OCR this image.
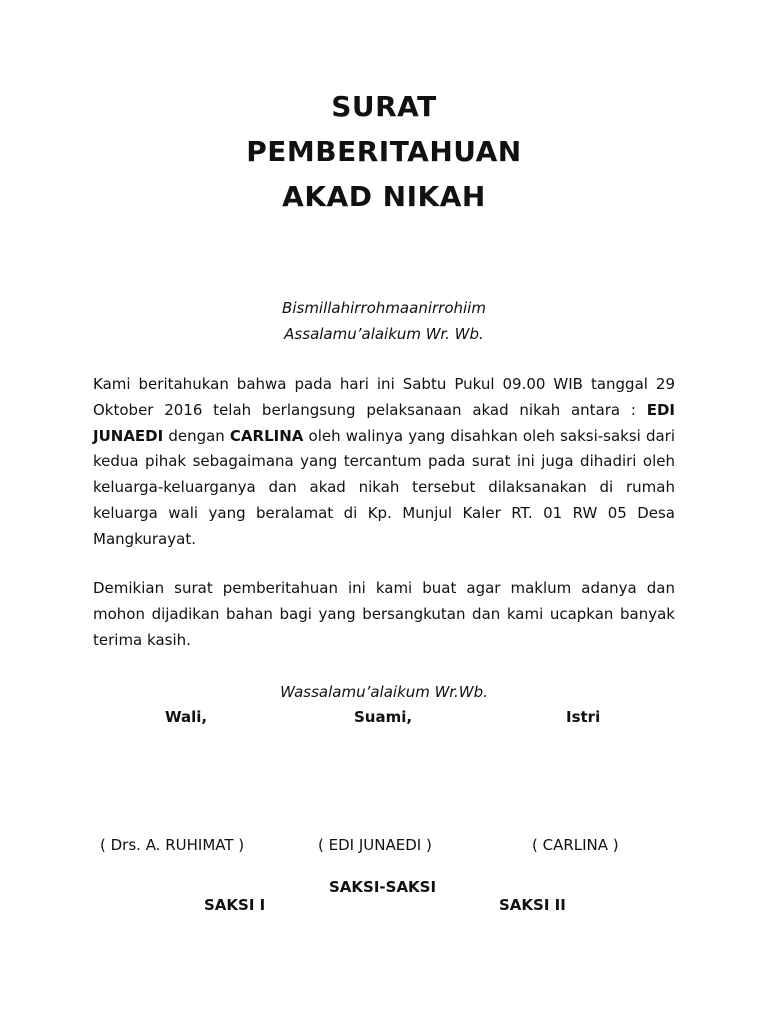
SURAT
PEMBERITAHUAN
AKAD NIKAH
Bismillahirrohmaanirrohiim
Assalamu’alaikum Wr. Wb.
Kami beritahukan bahwa pada hari ini Sabtu Pukul 09.00 WIB tanggal 29 Oktober 2016 telah berlangsung pelaksanaan akad nikah antara : EDI JUNAEDI dengan CARLINA oleh walinya yang disahkan oleh saksi-saksi dari kedua pihak sebagaimana yang tercantum pada surat ini juga dihadiri oleh keluarga-keluarganya dan akad nikah tersebut dilaksanakan di rumah keluarga wali yang beralamat di Kp. Munjul Kaler RT. 01 RW 05 Desa Mangkurayat.
Demikian surat pemberitahuan ini kami buat agar maklum adanya dan mohon dijadikan bahan bagi yang bersangkutan dan kami ucapkan banyak terima kasih.
Wassalamu’alaikum Wr.Wb.
Wali,	Suami,	Istri
( Drs. A. RUHIMAT )	( EDI JUNAEDI )	( CARLINA )
SAKSI-SAKSI
SAKSI I	SAKSI II
